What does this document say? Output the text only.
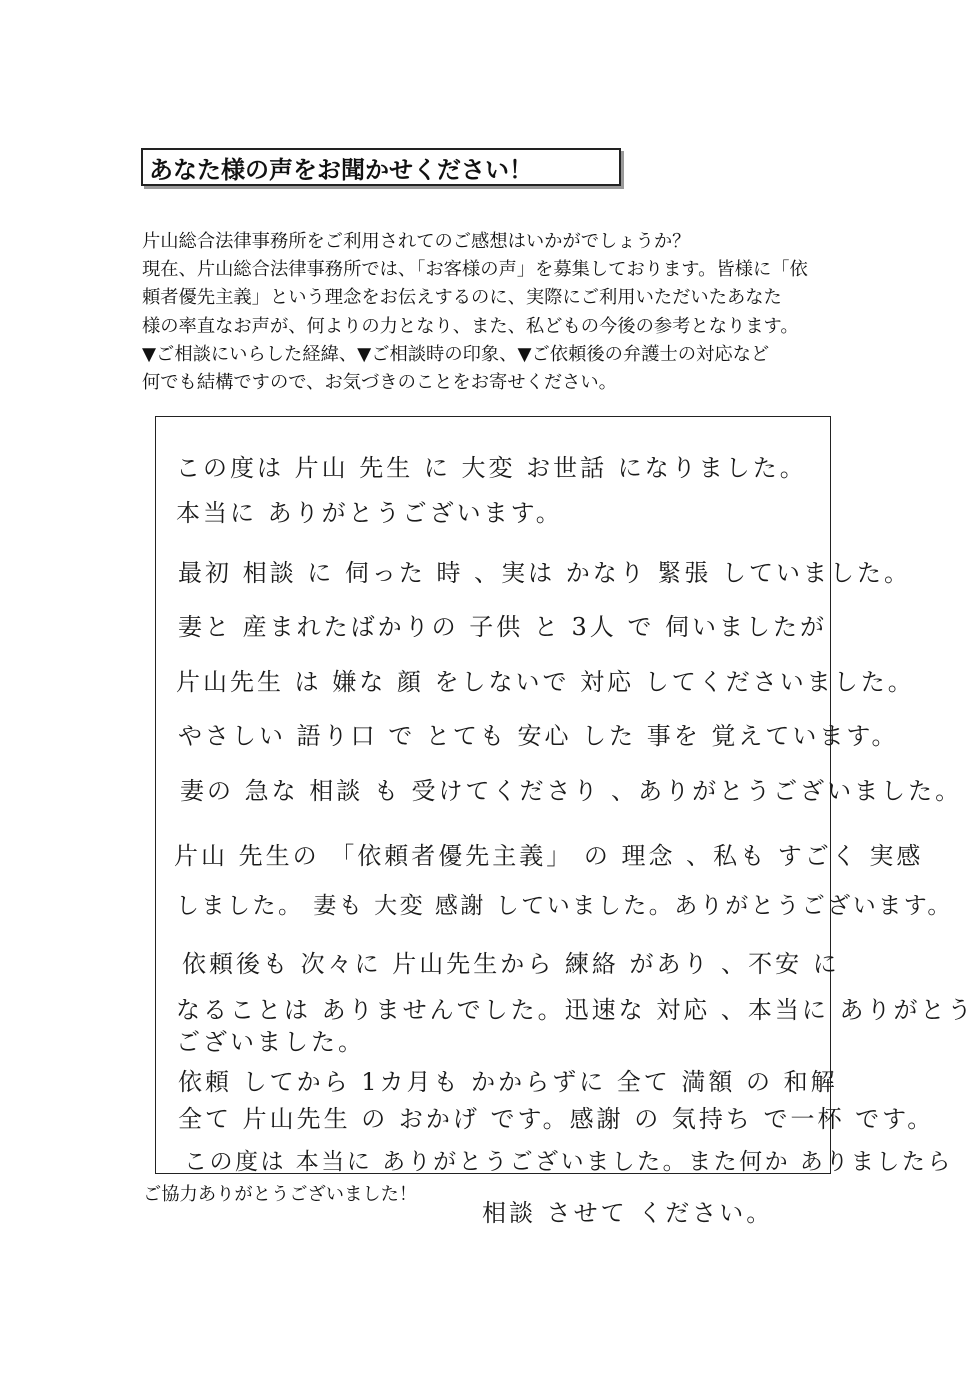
あなた様の声をお聞かせください！
片山総合法律事務所をご利用されてのご感想はいかがでしょうか？
現在、片山総合法律事務所では、「お客様の声」を募集しております。皆様に「依
頼者優先主義」という理念をお伝えするのに、実際にご利用いただいたあなた
様の率直なお声が、何よりの力となり、また、私どもの今後の参考となります。
▼ご相談にいらした経緯、▼ご相談時の印象、▼ご依頼後の弁護士の対応など
何でも結構ですので、お気づきのことをお寄せください。
この度は 片山 先生 に 大変 お世話 になりました。
本当に ありがとうございます。
最初 相談 に 伺った 時 、実は かなり 緊張 していました。
妻と 産まれたばかりの 子供 と 3人 で 伺いましたが
片山先生 は 嫌な 顔 をしないで 対応 してくださいました。
やさしい 語り口 で とても 安心 した 事を 覚えています。
妻の 急な 相談 も 受けてくださり 、ありがとうございました。
片山 先生の 「依頼者優先主義」 の 理念 、私も すごく 実感
しました。 妻も 大変 感謝 していました。ありがとうございます。
依頼後も 次々に 片山先生から 練絡 があり 、不安 に
なることは ありませんでした。迅速な 対応 、本当に ありがとう
ございました。
依頼 してから 1カ月も かからずに 全て 満額 の 和解
全て 片山先生 の おかげ です。感謝 の 気持ち で一杯 です。
この度は 本当に ありがとうございました。また何か ありましたら
相談 させて ください。
ご協力ありがとうございました！
